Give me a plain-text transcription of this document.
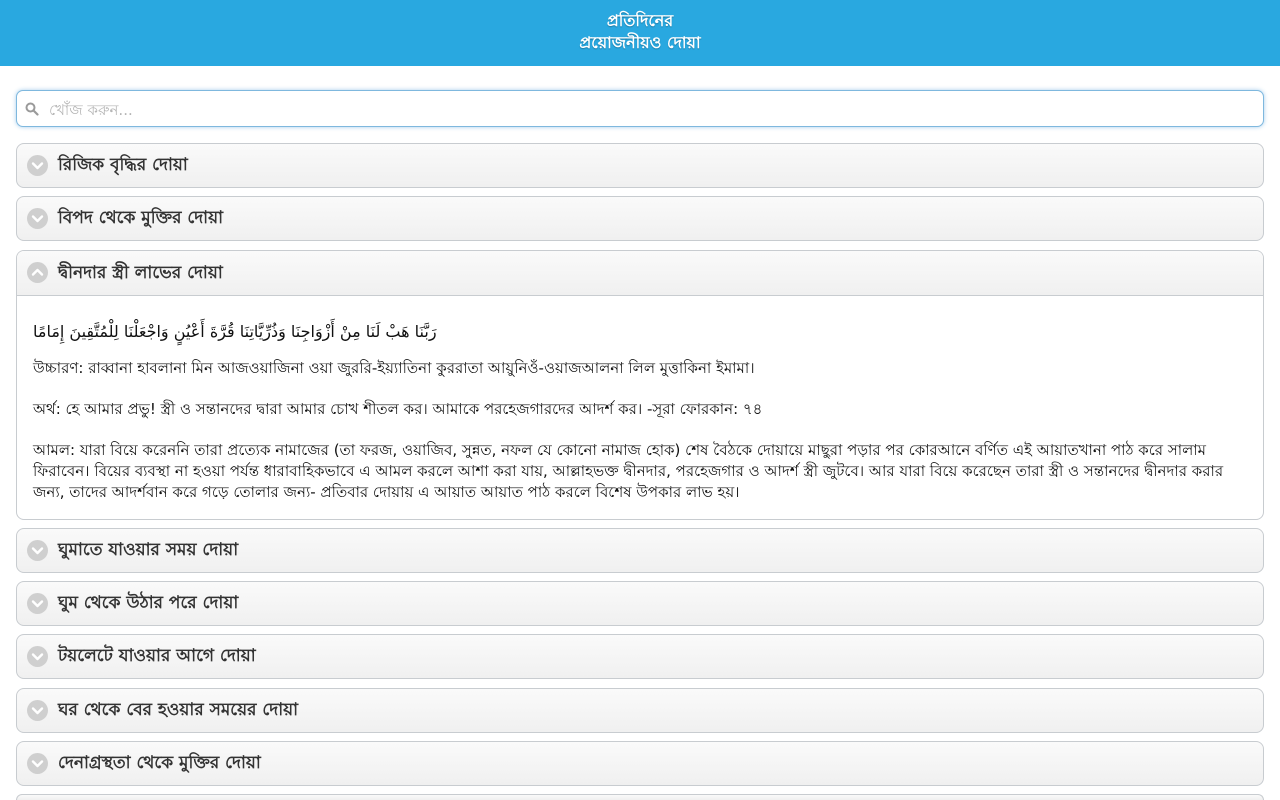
প্রতিদিনের
প্রয়োজনীয়ও দোয়া
খোঁজ করুন...
রিজিক বৃদ্ধির দোয়া
বিপদ থেকে মুক্তির দোয়া
দ্বীনদার স্ত্রী লাভের দোয়া

رَبَّنَا هَبْ لَنَا مِنْ أَزْوَاجِنَا وَذُرِّيَّاتِنَا قُرَّةَ أَعْيُنٍ وَاجْعَلْنَا لِلْمُتَّقِينَ إِمَامًا

উচ্চারণ: রাব্বানা হাবলানা মিন আজওয়াজিনা ওয়া জুররি-ইয়্যাতিনা কুররাতা আয়ুনিওঁ-ওয়াজআলনা লিল মুত্তাকিনা ইমামা।

অর্থ: হে আমার প্রভু! স্ত্রী ও সন্তানদের দ্বারা আমার চোখ শীতল কর। আমাকে পরহেজগারদের আদর্শ কর। -সূরা ফোরকান: ৭৪

আমল: যারা বিয়ে করেননি তারা প্রত্যেক নামাজের (তা ফরজ, ওয়াজিব, সুন্নত, নফল যে কোনো নামাজ হোক) শেষ বৈঠকে দোয়ায়ে মাছুরা পড়ার পর কোরআনে বর্ণিত এই আয়াতখানা পাঠ করে সালাম ফিরাবেন। বিয়ের ব্যবস্থা না হওয়া পর্যন্ত ধারাবাহিকভাবে এ আমল করলে আশা করা যায়, আল্লাহভক্ত দ্বীনদার, পরহেজগার ও আদর্শ স্ত্রী জুটবে। আর যারা বিয়ে করেছেন তারা স্ত্রী ও সন্তানদের দ্বীনদার করার জন্য, তাদের আদর্শবান করে গড়ে তোলার জন্য- প্রতিবার দোয়ায় এ আয়াত আয়াত পাঠ করলে বিশেষ উপকার লাভ হয়।

ঘুমাতে যাওয়ার সময় দোয়া
ঘুম থেকে উঠার পরে দোয়া
টয়লেটে যাওয়ার আগে দোয়া
ঘর থেকে বের হওয়ার সময়ের দোয়া
দেনাগ্রস্থতা থেকে মুক্তির দোয়া
